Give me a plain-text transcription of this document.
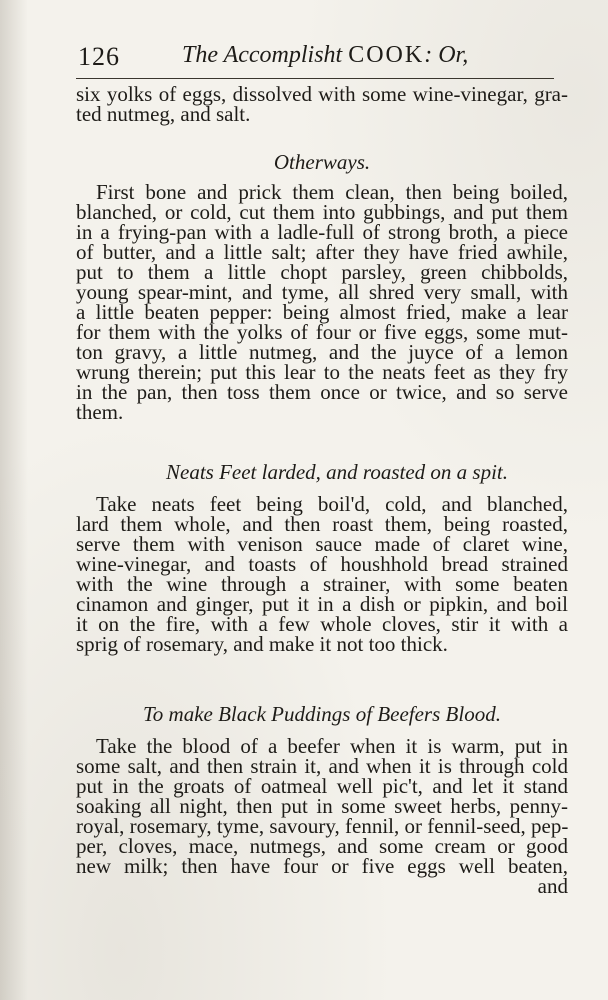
126	The Accomplisht COOK: Or,
six yolks of eggs, dissolved with some wine-vinegar, gra-
ted nutmeg, and salt.
Otherways.
First bone and prick them clean, then being boiled,
blanched, or cold, cut them into gubbings, and put them
in a frying-pan with a ladle-full of strong broth, a piece
of butter, and a little salt; after they have fried awhile,
put to them a little chopt parsley, green chibbolds,
young spear-mint, and tyme, all shred very small, with
a little beaten pepper: being almost fried, make a lear
for them with the yolks of four or five eggs, some mut-
ton gravy, a little nutmeg, and the juyce of a lemon
wrung therein; put this lear to the neats feet as they fry
in the pan, then toss them once or twice, and so serve
them.
Neats Feet larded, and roasted on a spit.
Take neats feet being boil'd, cold, and blanched,
lard them whole, and then roast them, being roasted,
serve them with venison sauce made of claret wine,
wine-vinegar, and toasts of houshhold bread strained
with the wine through a strainer, with some beaten
cinamon and ginger, put it in a dish or pipkin, and boil
it on the fire, with a few whole cloves, stir it with a
sprig of rosemary, and make it not too thick.
To make Black Puddings of Beefers Blood.
Take the blood of a beefer when it is warm, put in
some salt, and then strain it, and when it is through cold
put in the groats of oatmeal well pic't, and let it stand
soaking all night, then put in some sweet herbs, penny-
royal, rosemary, tyme, savoury, fennil, or fennil-seed, pep-
per, cloves, mace, nutmegs, and some cream or good
new milk; then have four or five eggs well beaten,
and
